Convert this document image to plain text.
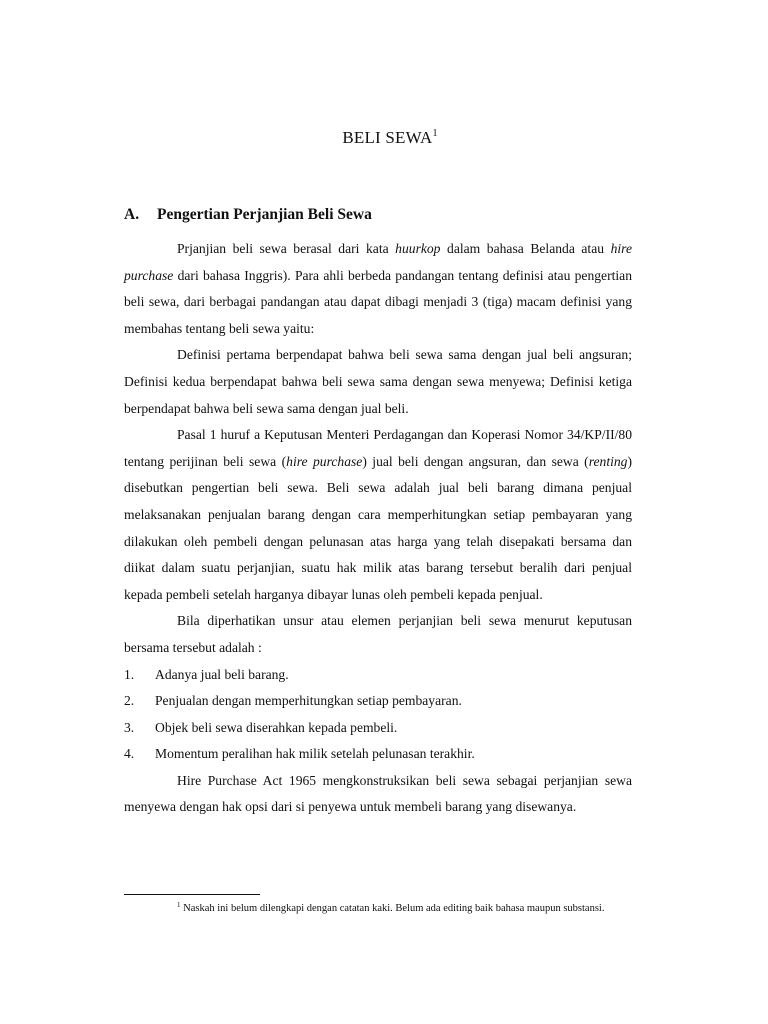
BELI SEWA$^1$
A. Pengertian Perjanjian Beli Sewa

Prjanjian beli sewa berasal dari kata huurkop dalam bahasa Belanda atau hire purchase dari bahasa Inggris). Para ahli berbeda pandangan tentang definisi atau pengertian beli sewa, dari berbagai pandangan atau dapat dibagi menjadi 3 (tiga) macam definisi yang membahas tentang beli sewa yaitu:

Definisi pertama berpendapat bahwa beli sewa sama dengan jual beli angsuran; Definisi kedua berpendapat bahwa beli sewa sama dengan sewa menyewa; Definisi ketiga berpendapat bahwa beli sewa sama dengan jual beli.

Pasal 1 huruf a Keputusan Menteri Perdagangan dan Koperasi Nomor 34/KP/II/80 tentang perijinan beli sewa (hire purchase) jual beli dengan angsuran, dan sewa (renting) disebutkan pengertian beli sewa. Beli sewa adalah jual beli barang dimana penjual melaksanakan penjualan barang dengan cara memperhitungkan setiap pembayaran yang dilakukan oleh pembeli dengan pelunasan atas harga yang telah disepakati bersama dan diikat dalam suatu perjanjian, suatu hak milik atas barang tersebut beralih dari penjual kepada pembeli setelah harganya dibayar lunas oleh pembeli kepada penjual.

Bila diperhatikan unsur atau elemen perjanjian beli sewa menurut keputusan bersama tersebut adalah :

1.	Adanya jual beli barang.
2.	Penjualan dengan memperhitungkan setiap pembayaran.
3.	Objek beli sewa diserahkan kepada pembeli.
4.	Momentum peralihan hak milik setelah pelunasan terakhir.

Hire Purchase Act 1965 mengkonstruksikan beli sewa sebagai perjanjian sewa menyewa dengan hak opsi dari si penyewa untuk membeli barang yang disewanya.

$^1$ Naskah ini belum dilengkapi dengan catatan kaki. Belum ada editing baik bahasa maupun substansi.
